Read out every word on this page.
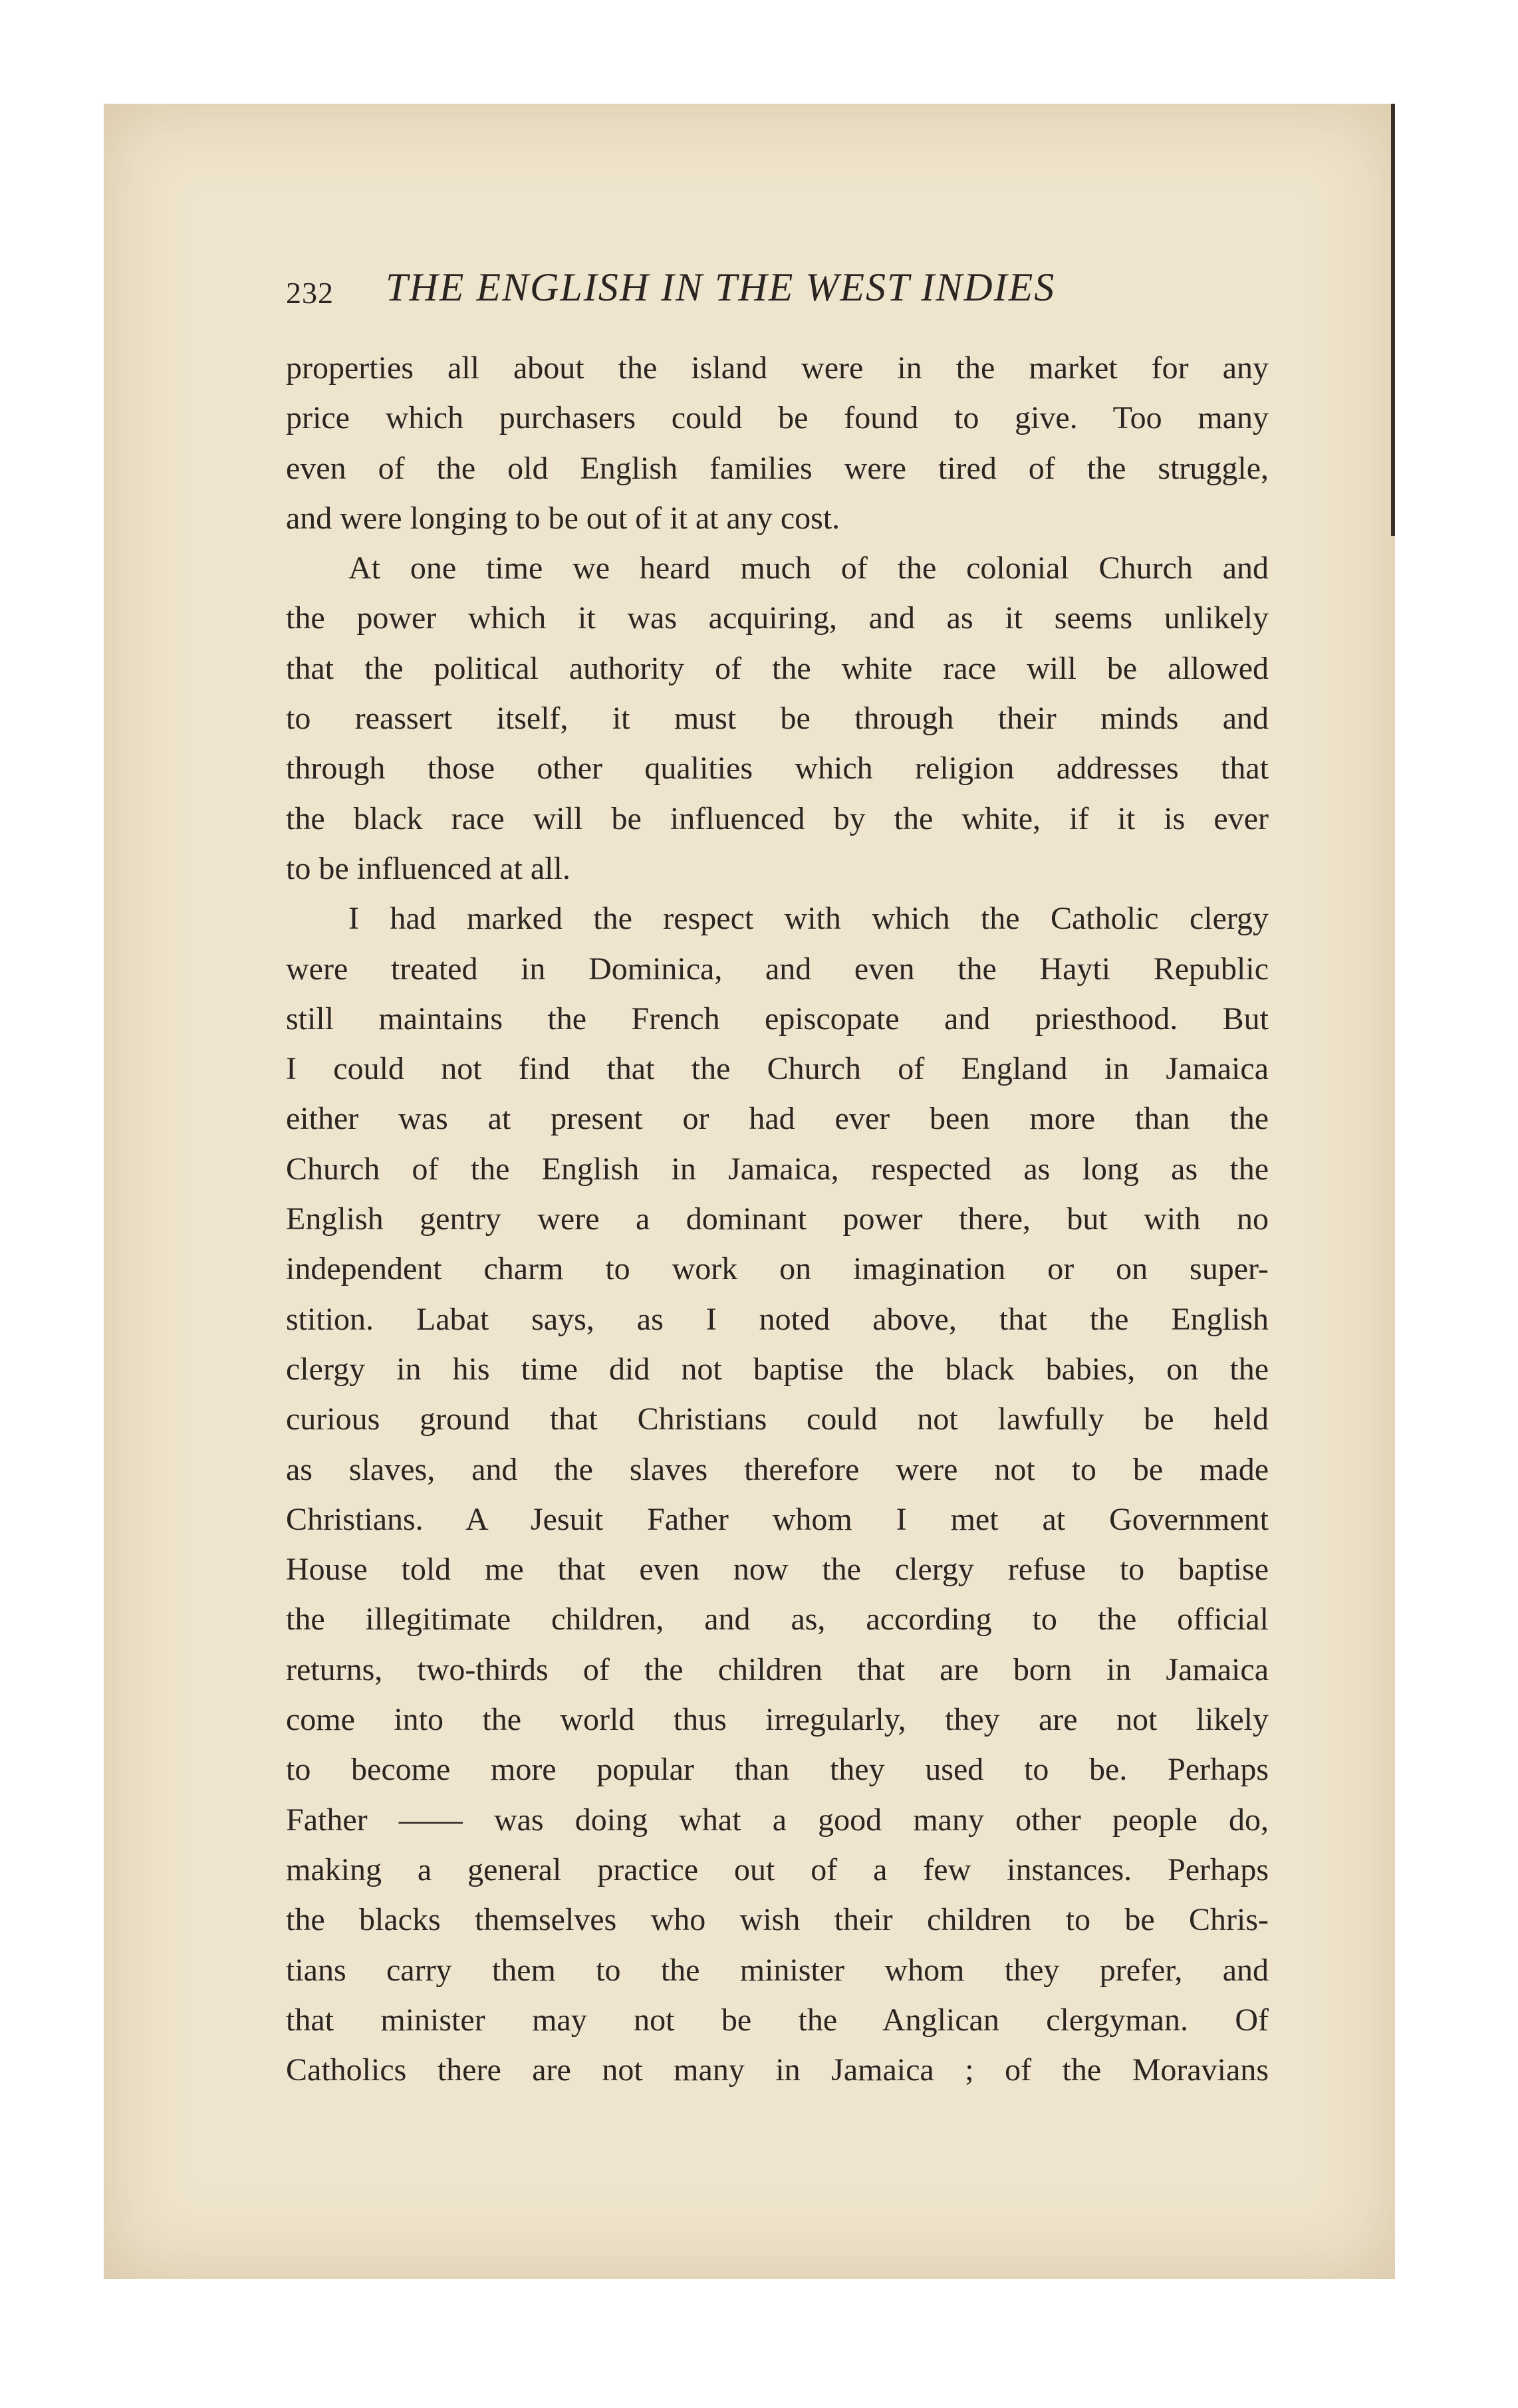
232 THE ENGLISH IN THE WEST INDIES
properties all about the island were in the market for any
price which purchasers could be found to give. Too many
even of the old English families were tired of the struggle,
and were longing to be out of it at any cost.
At one time we heard much of the colonial Church and
the power which it was acquiring, and as it seems unlikely
that the political authority of the white race will be allowed
to reassert itself, it must be through their minds and
through those other qualities which religion addresses that
the black race will be influenced by the white, if it is ever
to be influenced at all.
I had marked the respect with which the Catholic clergy
were treated in Dominica, and even the Hayti Republic
still maintains the French episcopate and priesthood. But
I could not find that the Church of England in Jamaica
either was at present or had ever been more than the
Church of the English in Jamaica, respected as long as the
English gentry were a dominant power there, but with no
independent charm to work on imagination or on super-
stition. Labat says, as I noted above, that the English
clergy in his time did not baptise the black babies, on the
curious ground that Christians could not lawfully be held
as slaves, and the slaves therefore were not to be made
Christians. A Jesuit Father whom I met at Government
House told me that even now the clergy refuse to baptise
the illegitimate children, and as, according to the official
returns, two-thirds of the children that are born in Jamaica
come into the world thus irregularly, they are not likely
to become more popular than they used to be. Perhaps
Father —— was doing what a good many other people do,
making a general practice out of a few instances. Perhaps
the blacks themselves who wish their children to be Chris-
tians carry them to the minister whom they prefer, and
that minister may not be the Anglican clergyman. Of
Catholics there are not many in Jamaica ; of the Moravians
